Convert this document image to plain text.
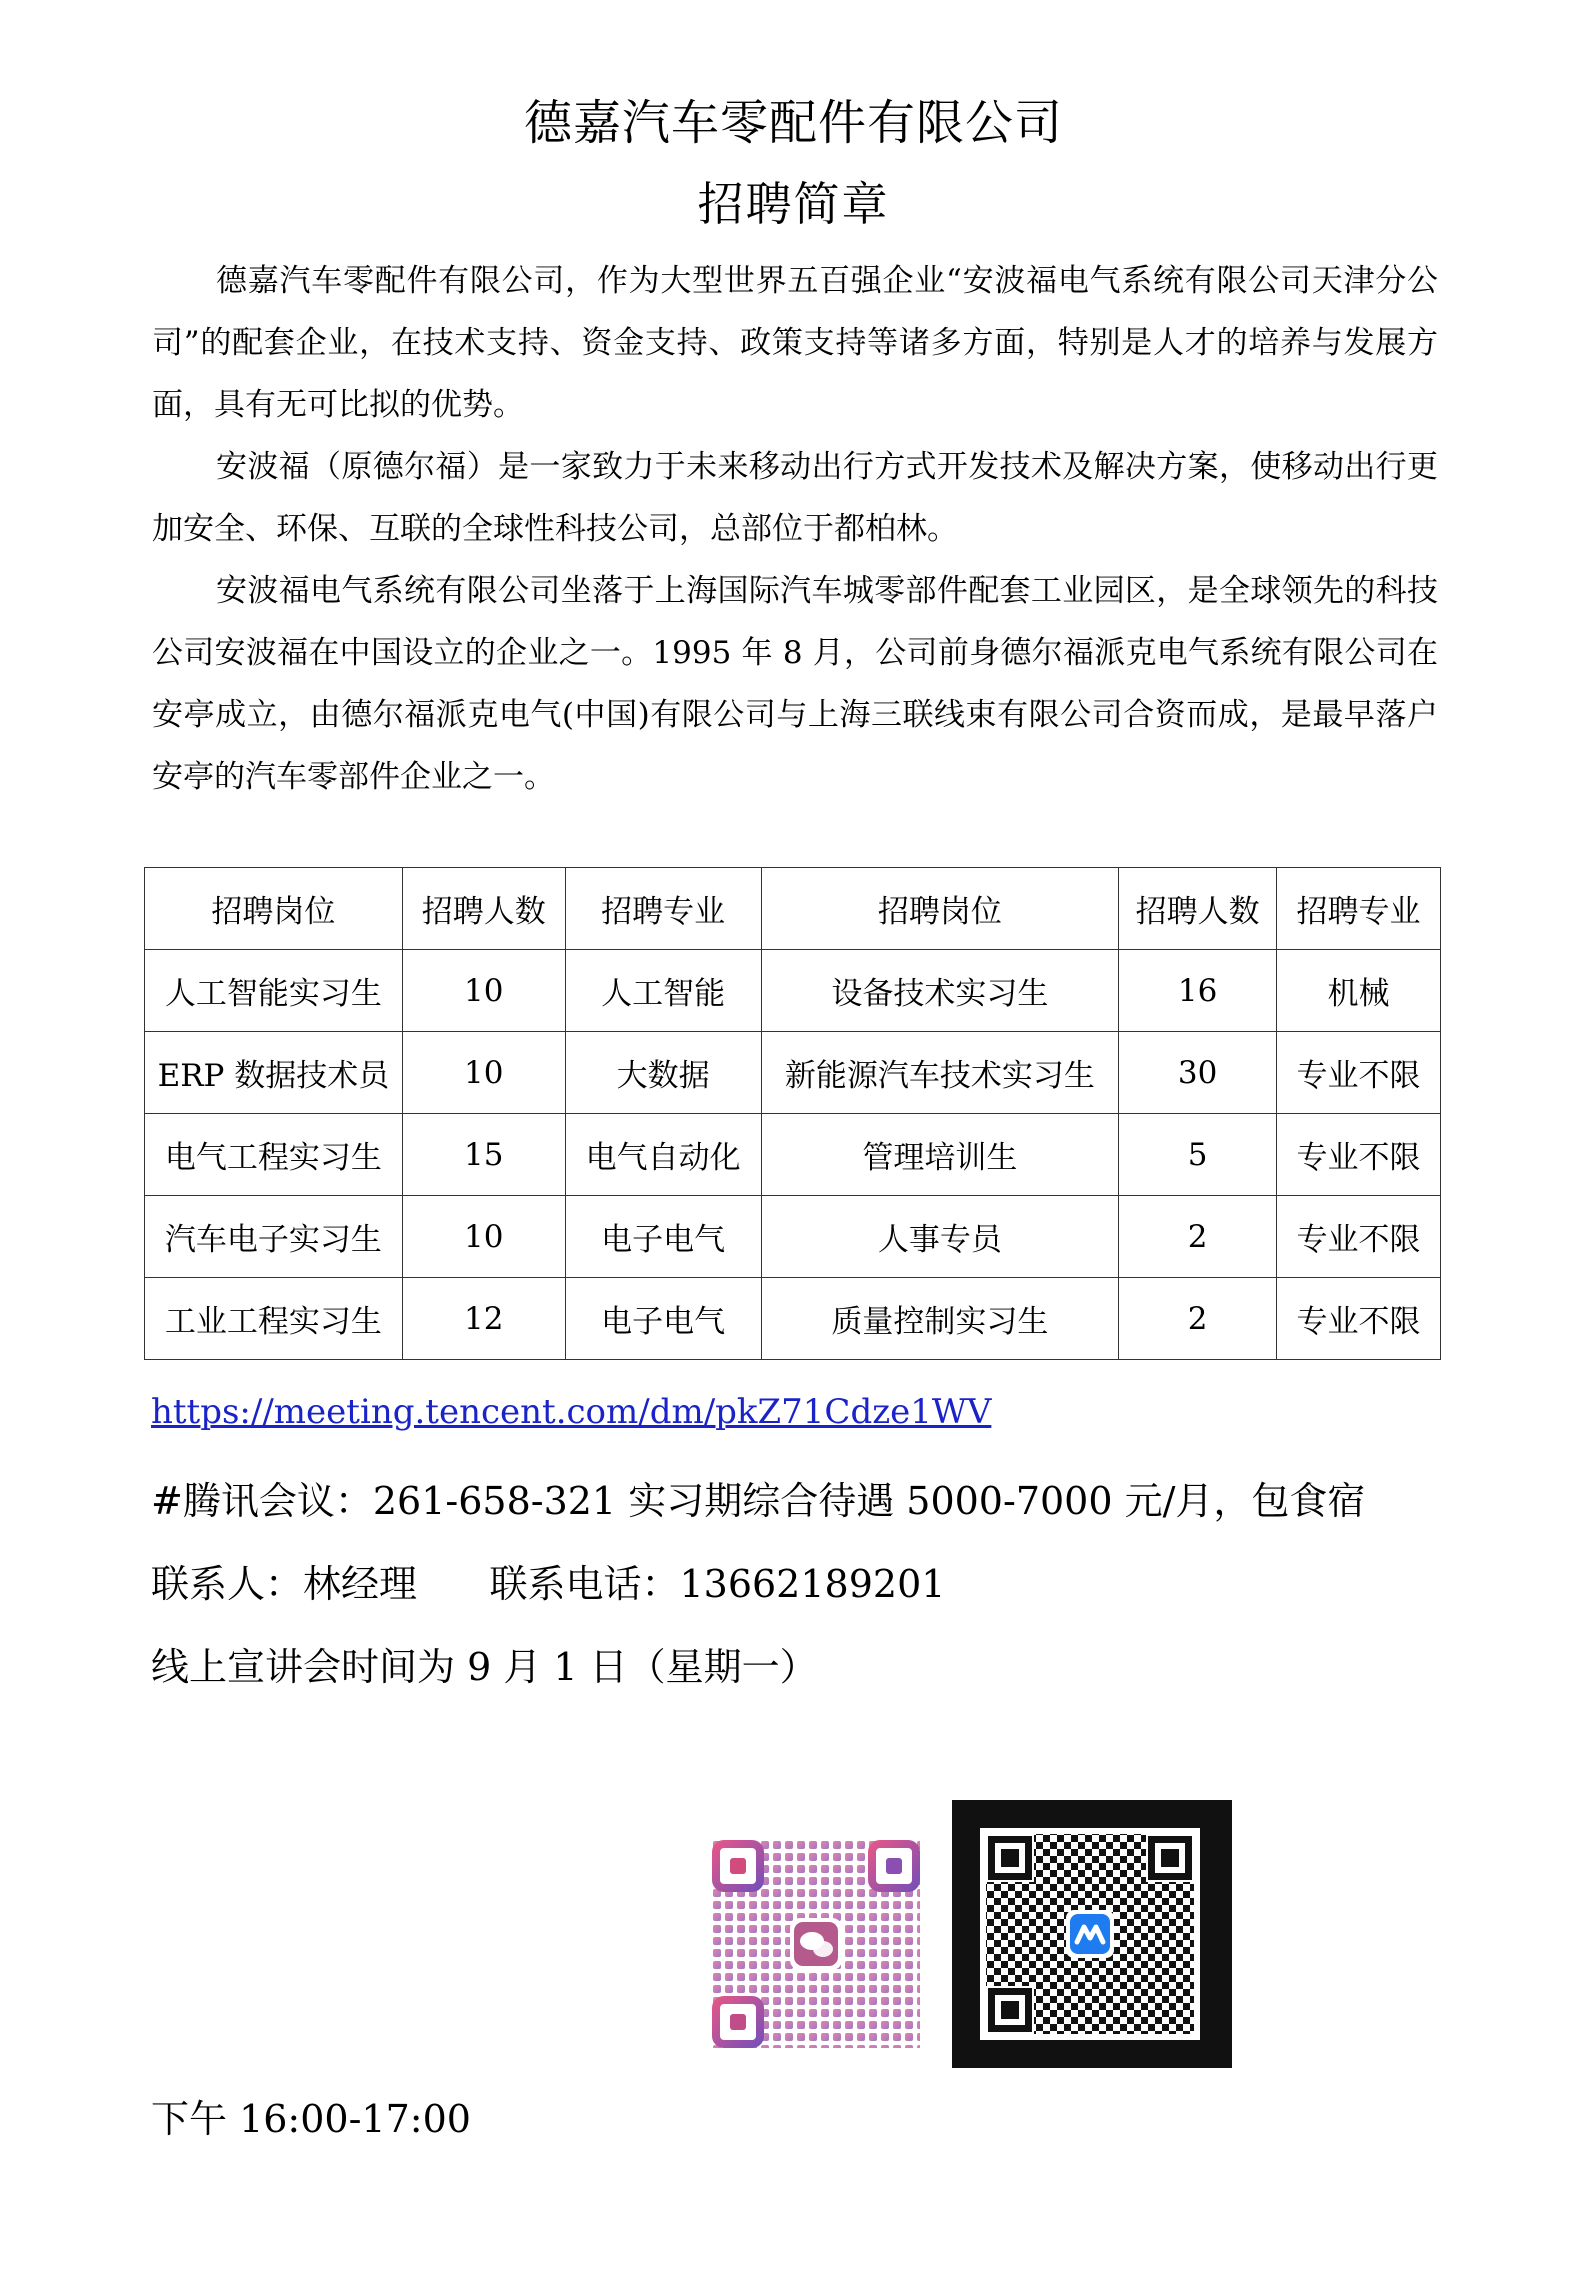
德嘉汽车零配件有限公司
招聘简章

德嘉汽车零配件有限公司，作为大型世界五百强企业“安波福电气系统有限公司天津分公司”的配套企业，在技术支持、资金支持、政策支持等诸多方面，特别是人才的培养与发展方面，具有无可比拟的优势。

安波福（原德尔福）是一家致力于未来移动出行方式开发技术及解决方案，使移动出行更加安全、环保、互联的全球性科技公司，总部位于都柏林。

安波福电气系统有限公司坐落于上海国际汽车城零部件配套工业园区，是全球领先的科技公司安波福在中国设立的企业之一。1995 年 8 月，公司前身德尔福派克电气系统有限公司在安亭成立，由德尔福派克电气(中国)有限公司与上海三联线束有限公司合资而成，是最早落户安亭的汽车零部件企业之一。

招聘岗位	招聘人数	招聘专业	招聘岗位	招聘人数	招聘专业
人工智能实习生	10	人工智能	设备技术实习生	16	机械
ERP 数据技术员	10	大数据	新能源汽车技术实习生	30	专业不限
电气工程实习生	15	电气自动化	管理培训生	5	专业不限
汽车电子实习生	10	电子电气	人事专员	2	专业不限
工业工程实习生	12	电子电气	质量控制实习生	2	专业不限
https://meeting.tencent.com/dm/pkZ71Cdze1WV
#腾讯会议：261-658-321 实习期综合待遇 5000-7000 元/月，包食宿
联系人：林经理      联系电话：13662189201
线上宣讲会时间为 9 月 1 日（星期一）
下午 16:00-17:00
